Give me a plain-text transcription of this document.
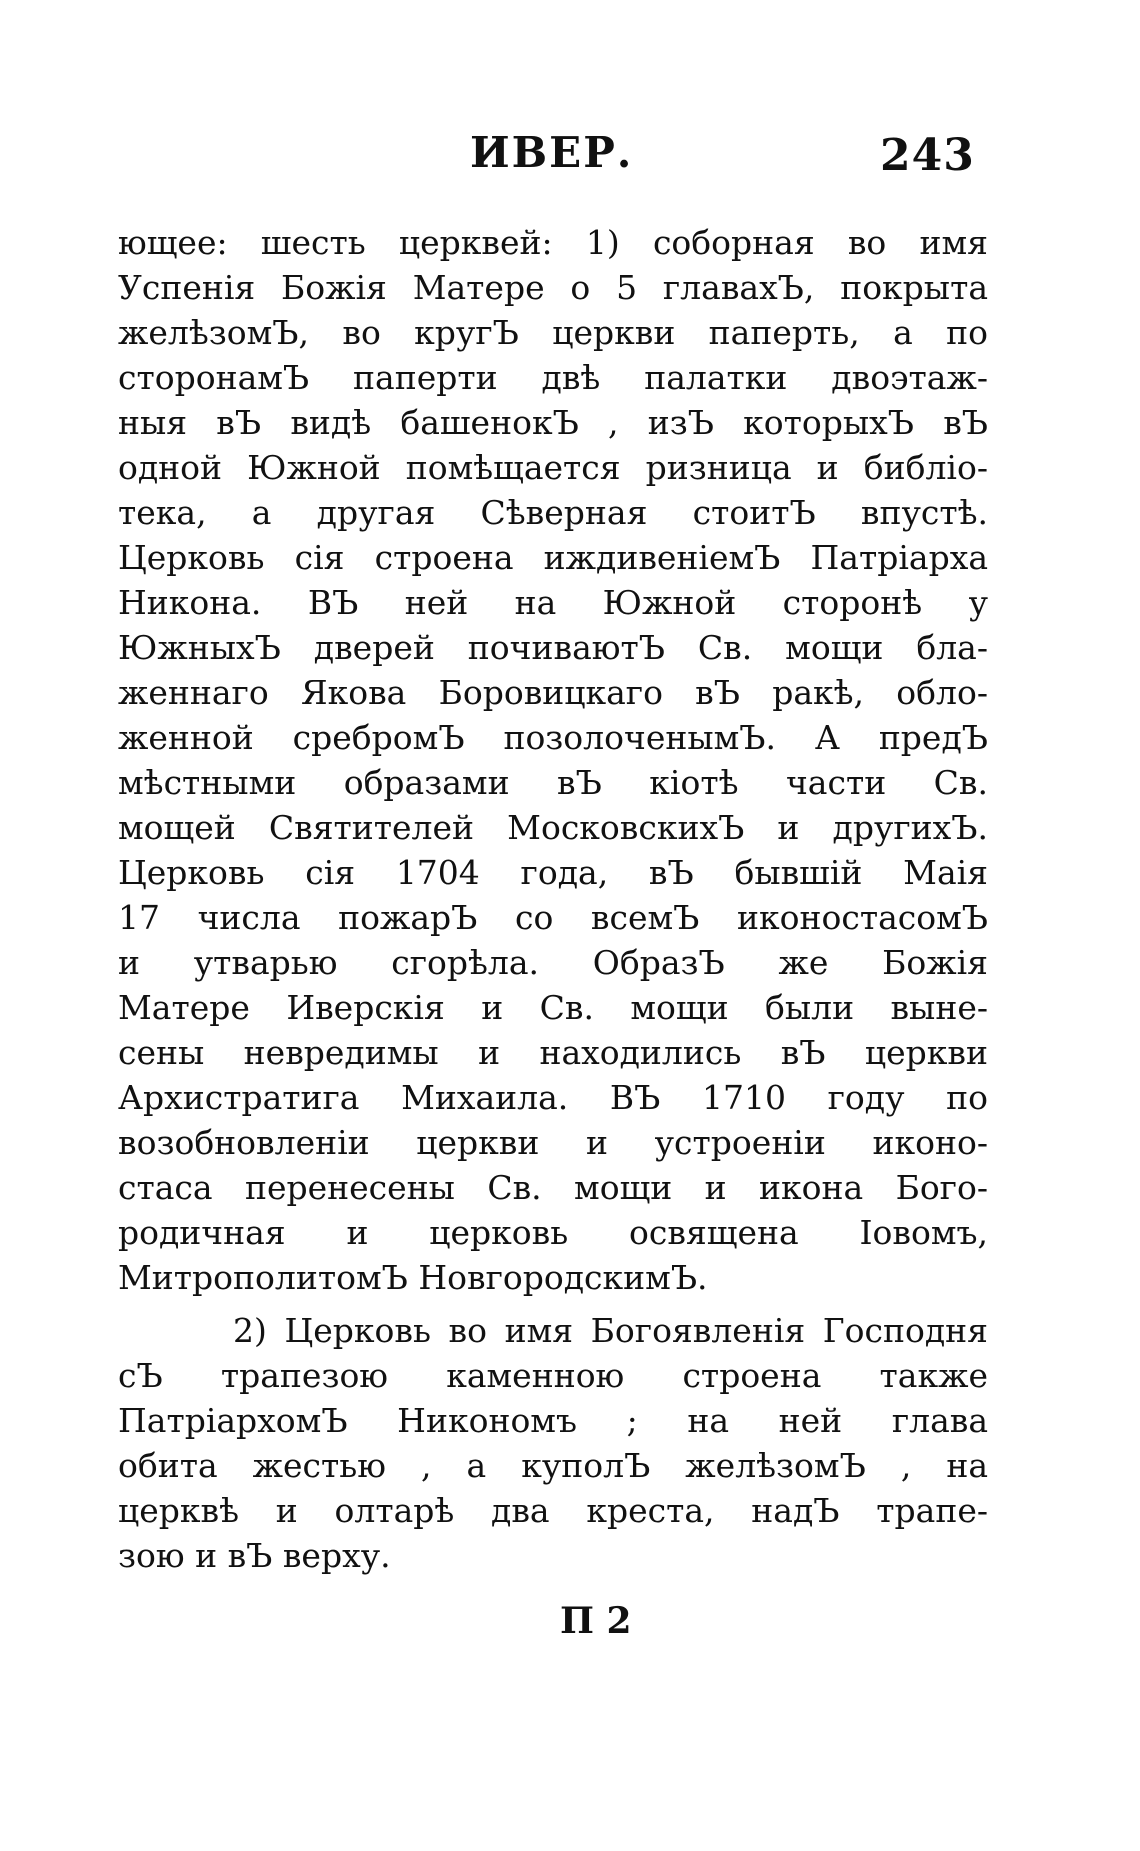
ИВЕР.	243
ющее: шесть церквей: 1) соборная во имя
Успенія Божія Матере о 5 главахЪ, покрыта
желѣзомЪ, во кругЪ церкви паперть, а по
сторонамЪ паперти двѣ палатки двоэтаж-
ныя вЪ видѣ башенокЪ , изЪ которыхЪ вЪ
одной Южной помѣщается ризница и библіо-
тека, а другая Сѣверная стоитЪ впустѣ.
Церковь сія строена иждивенiемЪ Патріарха
Никона. ВЪ ней на Южной сторонѣ у
ЮжныхЪ дверей почиваютЪ Св. мощи бла-
женнаго Якова Боровицкаго вЪ ракѣ, обло-
женной сребромЪ позолоченымЪ. А предЪ
мѣстными образами вЪ кіотѣ части Св.
мощей Святителей МосковскихЪ и другихЪ.
Церковь сія 1704 года, вЪ бывшій Маія
17 числа пожарЪ со всемЪ иконостасомЪ
и утварью сгорѣла. ОбразЪ же Божія
Матере Иверскія и Св. мощи были вынe-
сены невредимы и находились вЪ церкви
Архистратига Михаила. ВЪ 1710 году по
возобновленіи церкви и устроеніи иконо-
стаса перенесены Св. мощи и икона Бого-
родичная и церковь освящена Іовомъ,
МитрополитомЪ НовгородскимЪ.
2) Церковь во имя Богоявленія Господня
сЪ трапезою каменною строена также
ПатріархомЪ Никономъ ; на ней глава
обита жестью , а куполЪ желѣзомЪ , на
церквѣ и олтарѣ два креста, надЪ трапе-
зою и вЪ верху.
П 2
